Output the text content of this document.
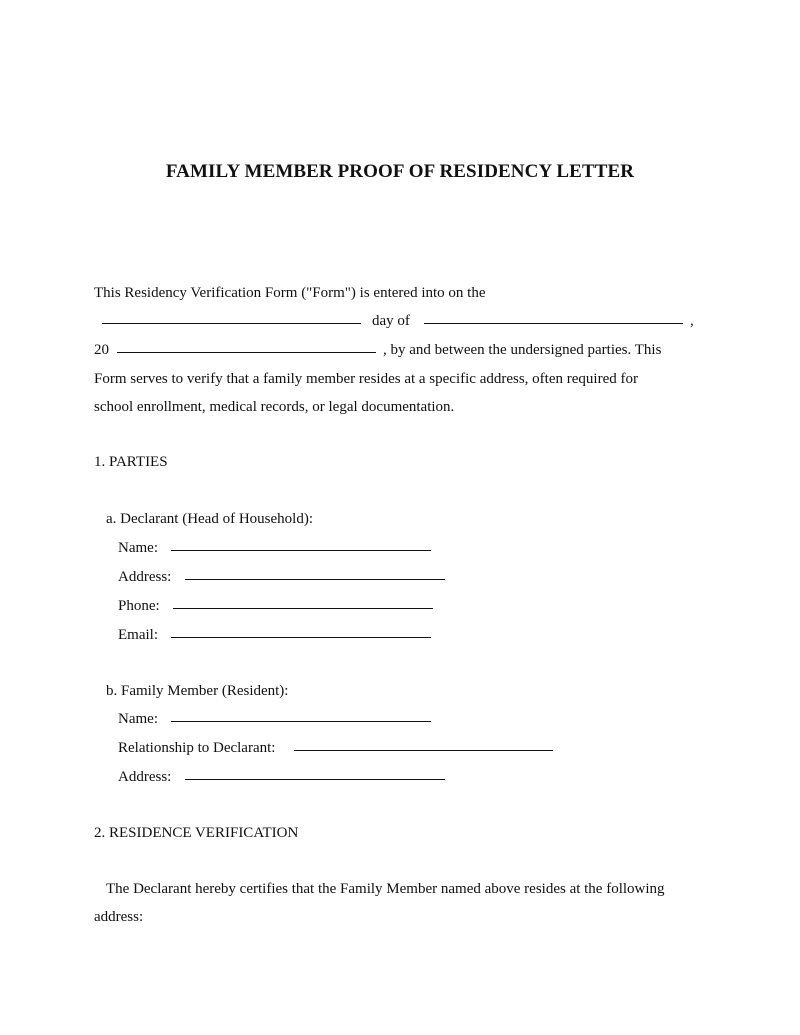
FAMILY MEMBER PROOF OF RESIDENCY LETTER
This Residency Verification Form ("Form") is entered into on the
day of	,
20	, by and between the undersigned parties. This
Form serves to verify that a family member resides at a specific address, often required for
school enrollment, medical records, or legal documentation.
1. PARTIES
a. Declarant (Head of Household):
Name:
Address:
Phone:
Email:
b. Family Member (Resident):
Name:
Relationship to Declarant:
Address:
2. RESIDENCE VERIFICATION
The Declarant hereby certifies that the Family Member named above resides at the following
address:
